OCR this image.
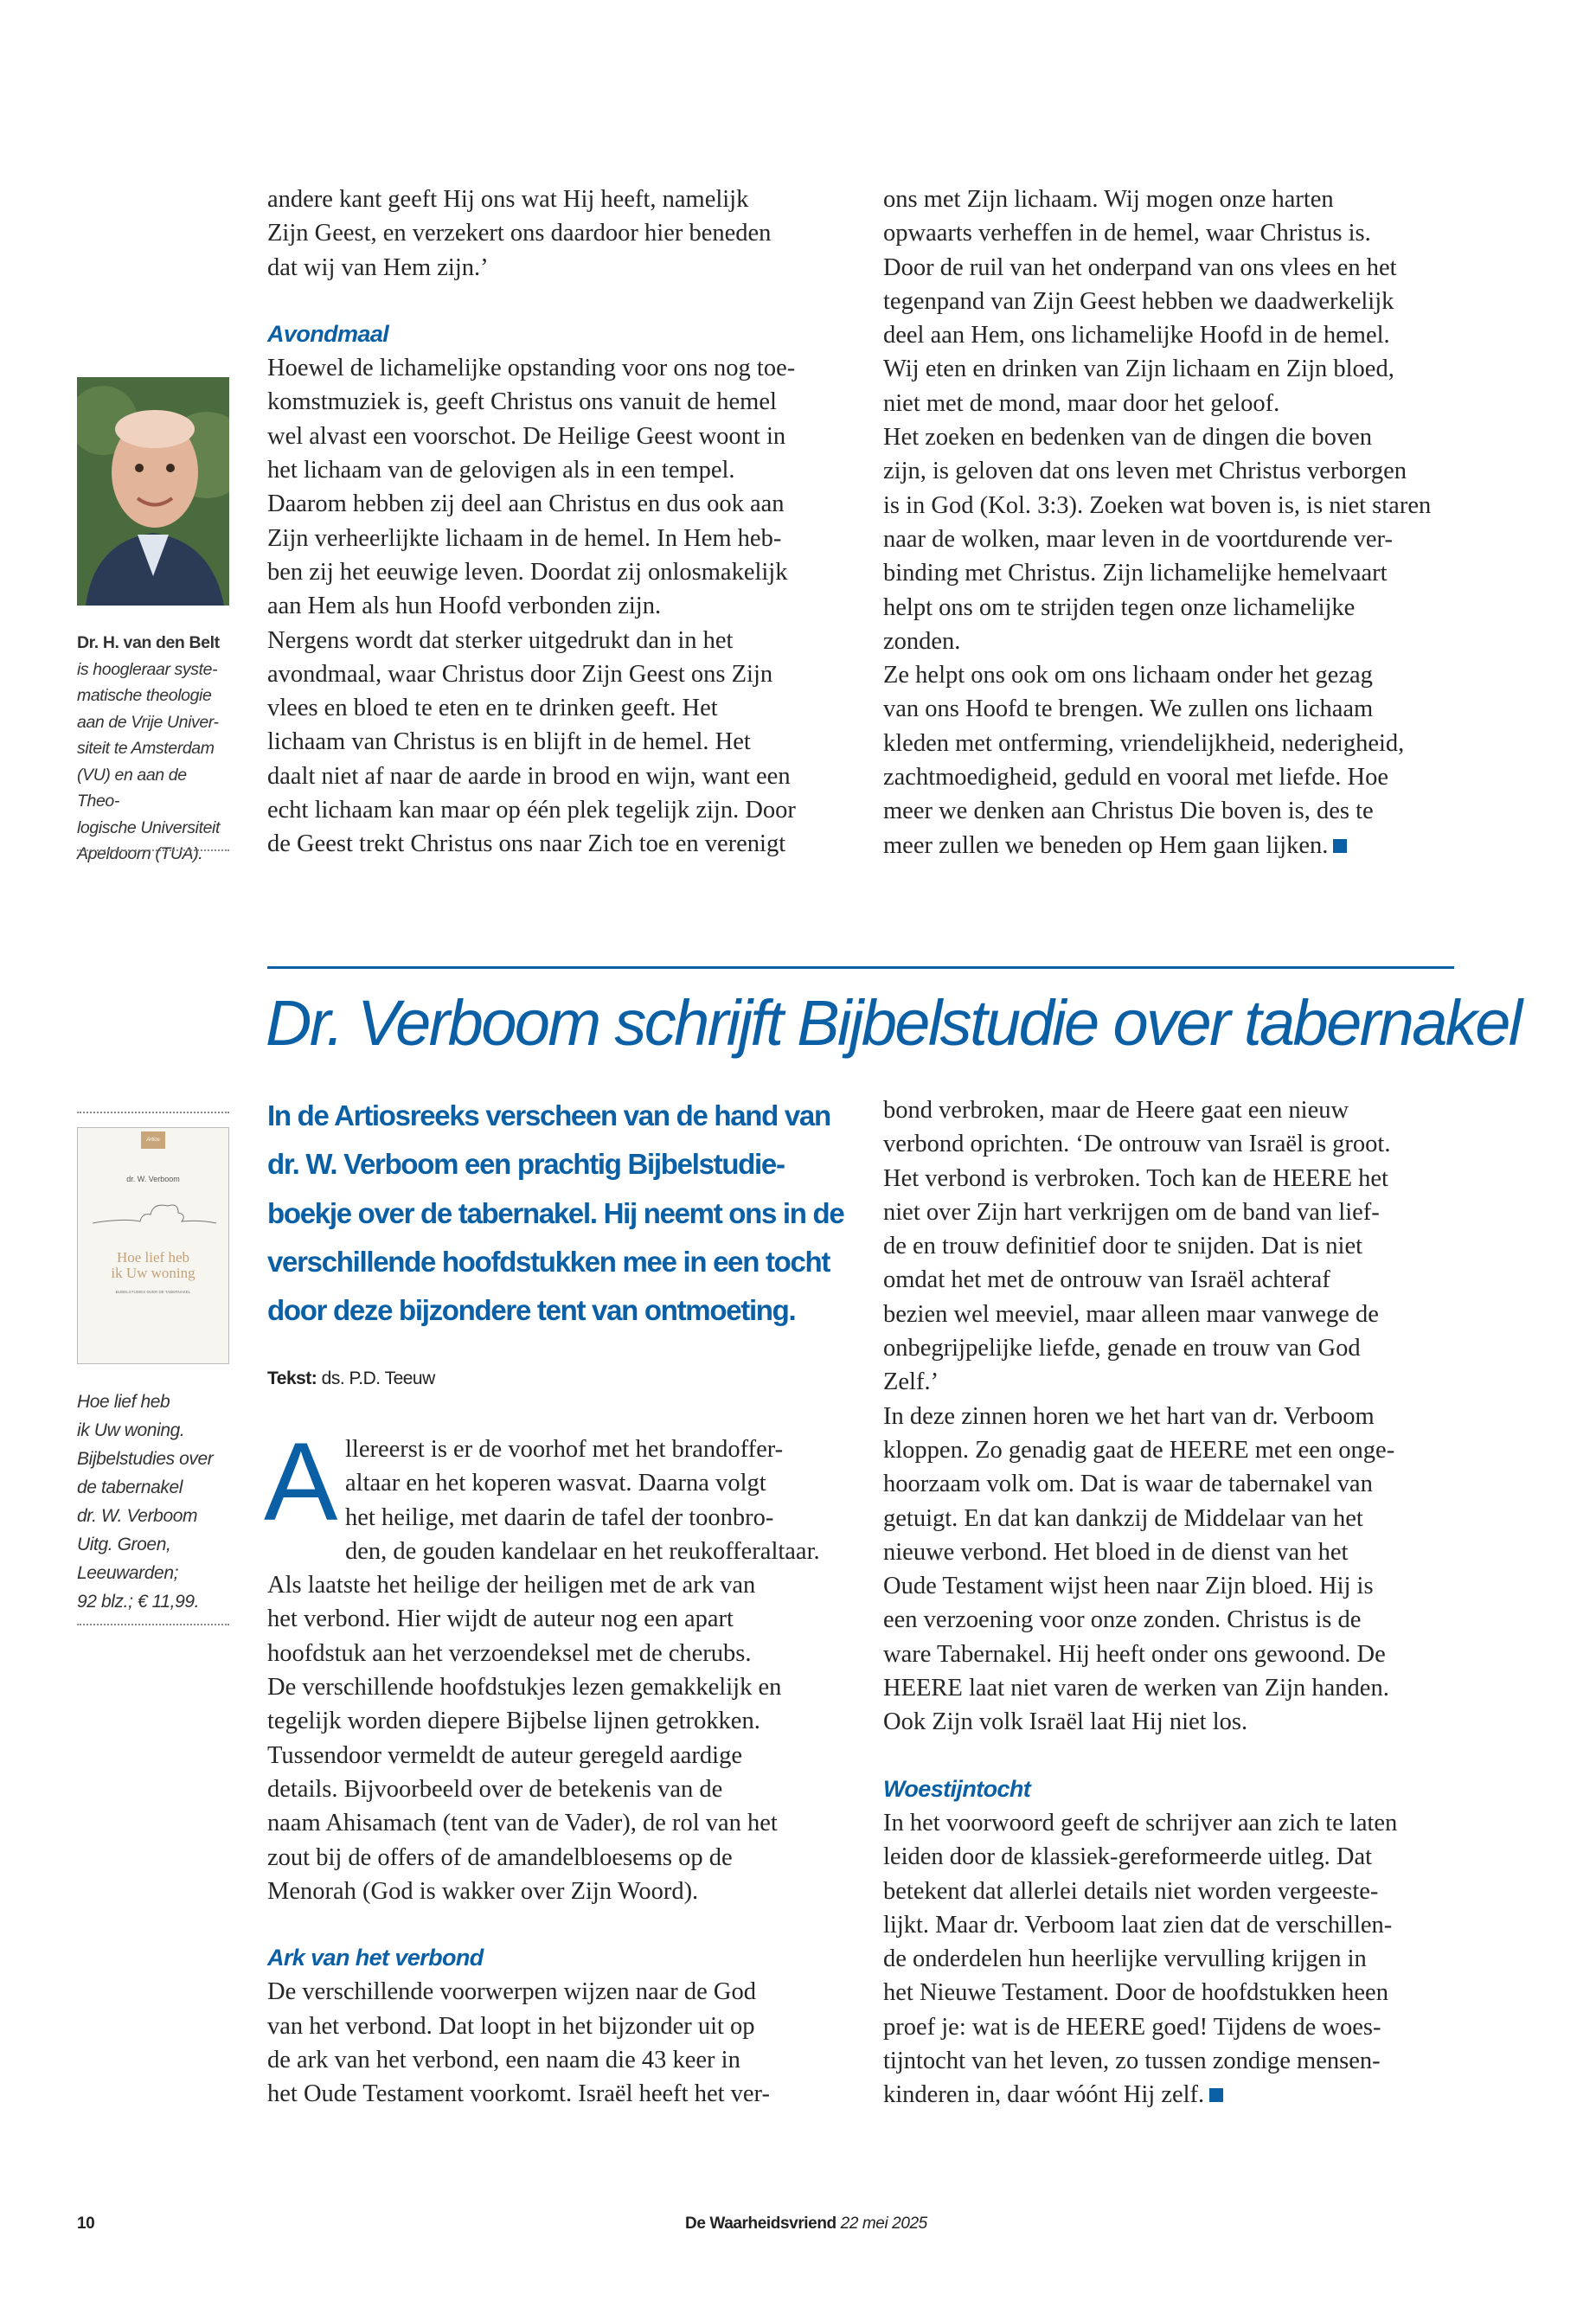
andere kant geeft Hij ons wat Hij heeft, namelijk
Zijn Geest, en verzekert ons daardoor hier beneden
dat wij van Hem zijn.’
Avondmaal
Hoewel de lichamelijke opstanding voor ons nog toe-
komstmuziek is, geeft Christus ons vanuit de hemel
wel alvast een voorschot. De Heilige Geest woont in
het lichaam van de gelovigen als in een tempel.
Daarom hebben zij deel aan Christus en dus ook aan
Zijn verheerlijkte lichaam in de hemel. In Hem heb-
ben zij het eeuwige leven. Doordat zij onlosmakelijk
aan Hem als hun Hoofd verbonden zijn.
Nergens wordt dat sterker uitgedrukt dan in het
avondmaal, waar Christus door Zijn Geest ons Zijn
vlees en bloed te eten en te drinken geeft. Het
lichaam van Christus is en blijft in de hemel. Het
daalt niet af naar de aarde in brood en wijn, want een
echt lichaam kan maar op één plek tegelijk zijn. Door
de Geest trekt Christus ons naar Zich toe en verenigt
ons met Zijn lichaam. Wij mogen onze harten
opwaarts verheffen in de hemel, waar Christus is.
Door de ruil van het onderpand van ons vlees en het
tegenpand van Zijn Geest hebben we daadwerkelijk
deel aan Hem, ons lichamelijke Hoofd in de hemel.
Wij eten en drinken van Zijn lichaam en Zijn bloed,
niet met de mond, maar door het geloof.
Het zoeken en bedenken van de dingen die boven
zijn, is geloven dat ons leven met Christus verborgen
is in God (Kol. 3:3). Zoeken wat boven is, is niet staren
naar de wolken, maar leven in de voortdurende ver-
binding met Christus. Zijn lichamelijke hemelvaart
helpt ons om te strijden tegen onze lichamelijke
zonden.
Ze helpt ons ook om ons lichaam onder het gezag
van ons Hoofd te brengen. We zullen ons lichaam
kleden met ontferming, vriendelijkheid, nederigheid,
zachtmoedigheid, geduld en vooral met liefde. Hoe
meer we denken aan Christus Die boven is, des te
meer zullen we beneden op Hem gaan lijken.
Dr. H. van den Belt
is hoogleraar syste-
matische theologie
aan de Vrije Univer-
siteit te Amsterdam
(VU) en aan de Theo-
logische Universiteit
Apeldoorn (TUA).
Dr. Verboom schrijft Bijbelstudie over tabernakel
In de Artiosreeks verscheen van de hand van
dr. W. Verboom een prachtig Bijbelstudie-
boekje over de tabernakel. Hij neemt ons in de
verschillende hoofdstukken mee in een tocht
door deze bijzondere tent van ontmoeting.
Tekst: ds. P.D. Teeuw
Artios
dr. W. Verboom
Hoe lief heb
ik Uw woning
BIJBELSTUDIES OVER DE TABERNAKEL
Hoe lief heb
ik Uw woning.
Bijbelstudies over
de tabernakel
dr. W. Verboom
Uitg. Groen,
Leeuwarden;
92 blz.; € 11,99.
A llereerst is er de voorhof met het brandoffer-
altaar en het koperen wasvat. Daarna volgt
het heilige, met daarin de tafel der toonbro-
den, de gouden kandelaar en het reukofferaltaar.
Als laatste het heilige der heiligen met de ark van
het verbond. Hier wijdt de auteur nog een apart
hoofdstuk aan het verzoendeksel met de cherubs.
De verschillende hoofdstukjes lezen gemakkelijk en
tegelijk worden diepere Bijbelse lijnen getrokken.
Tussendoor vermeldt de auteur geregeld aardige
details. Bijvoorbeeld over de betekenis van de
naam Ahisamach (tent van de Vader), de rol van het
zout bij de offers of de amandelbloesems op de
Menorah (God is wakker over Zijn Woord).
Ark van het verbond
De verschillende voorwerpen wijzen naar de God
van het verbond. Dat loopt in het bijzonder uit op
de ark van het verbond, een naam die 43 keer in
het Oude Testament voorkomt. Israël heeft het ver-
bond verbroken, maar de Heere gaat een nieuw
verbond oprichten. ‘De ontrouw van Israël is groot.
Het verbond is verbroken. Toch kan de HEERE het
niet over Zijn hart verkrijgen om de band van lief-
de en trouw definitief door te snijden. Dat is niet
omdat het met de ontrouw van Israël achteraf
bezien wel meeviel, maar alleen maar vanwege de
onbegrijpelijke liefde, genade en trouw van God
Zelf.’
In deze zinnen horen we het hart van dr. Verboom
kloppen. Zo genadig gaat de HEERE met een onge-
hoorzaam volk om. Dat is waar de tabernakel van
getuigt. En dat kan dankzij de Middelaar van het
nieuwe verbond. Het bloed in de dienst van het
Oude Testament wijst heen naar Zijn bloed. Hij is
een verzoening voor onze zonden. Christus is de
ware Tabernakel. Hij heeft onder ons gewoond. De
HEERE laat niet varen de werken van Zijn handen.
Ook Zijn volk Israël laat Hij niet los.
Woestijntocht
In het voorwoord geeft de schrijver aan zich te laten
leiden door de klassiek-gereformeerde uitleg. Dat
betekent dat allerlei details niet worden vergeeste-
lijkt. Maar dr. Verboom laat zien dat de verschillen-
de onderdelen hun heerlijke vervulling krijgen in
het Nieuwe Testament. Door de hoofdstukken heen
proef je: wat is de HEERE goed! Tijdens de woes-
tijntocht van het leven, zo tussen zondige mensen-
kinderen in, daar wóónt Hij zelf.
10	De Waarheidsvriend 22 mei 2025
